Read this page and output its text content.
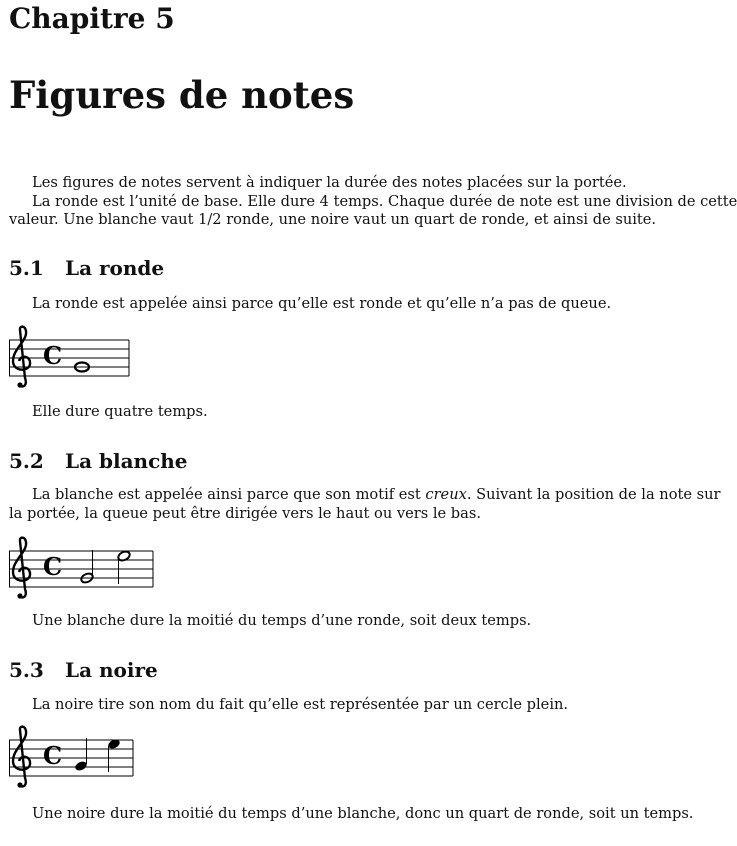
Chapitre 5
Figures de notes
Les figures de notes servent à indiquer la durée des notes placées sur la portée.
La ronde est l’unité de base. Elle dure 4 temps. Chaque durée de note est une division de cette
valeur. Une blanche vaut 1/2 ronde, une noire vaut un quart de ronde, et ainsi de suite.
5.1 La ronde
La ronde est appelée ainsi parce qu’elle est ronde et qu’elle n’a pas de queue.
C
Elle dure quatre temps.
5.2 La blanche
La blanche est appelée ainsi parce que son motif est creux. Suivant la position de la note sur
la portée, la queue peut être dirigée vers le haut ou vers le bas.
C
Une blanche dure la moitié du temps d’une ronde, soit deux temps.
5.3 La noire
La noire tire son nom du fait qu’elle est représentée par un cercle plein.
C
Une noire dure la moitié du temps d’une blanche, donc un quart de ronde, soit un temps.
